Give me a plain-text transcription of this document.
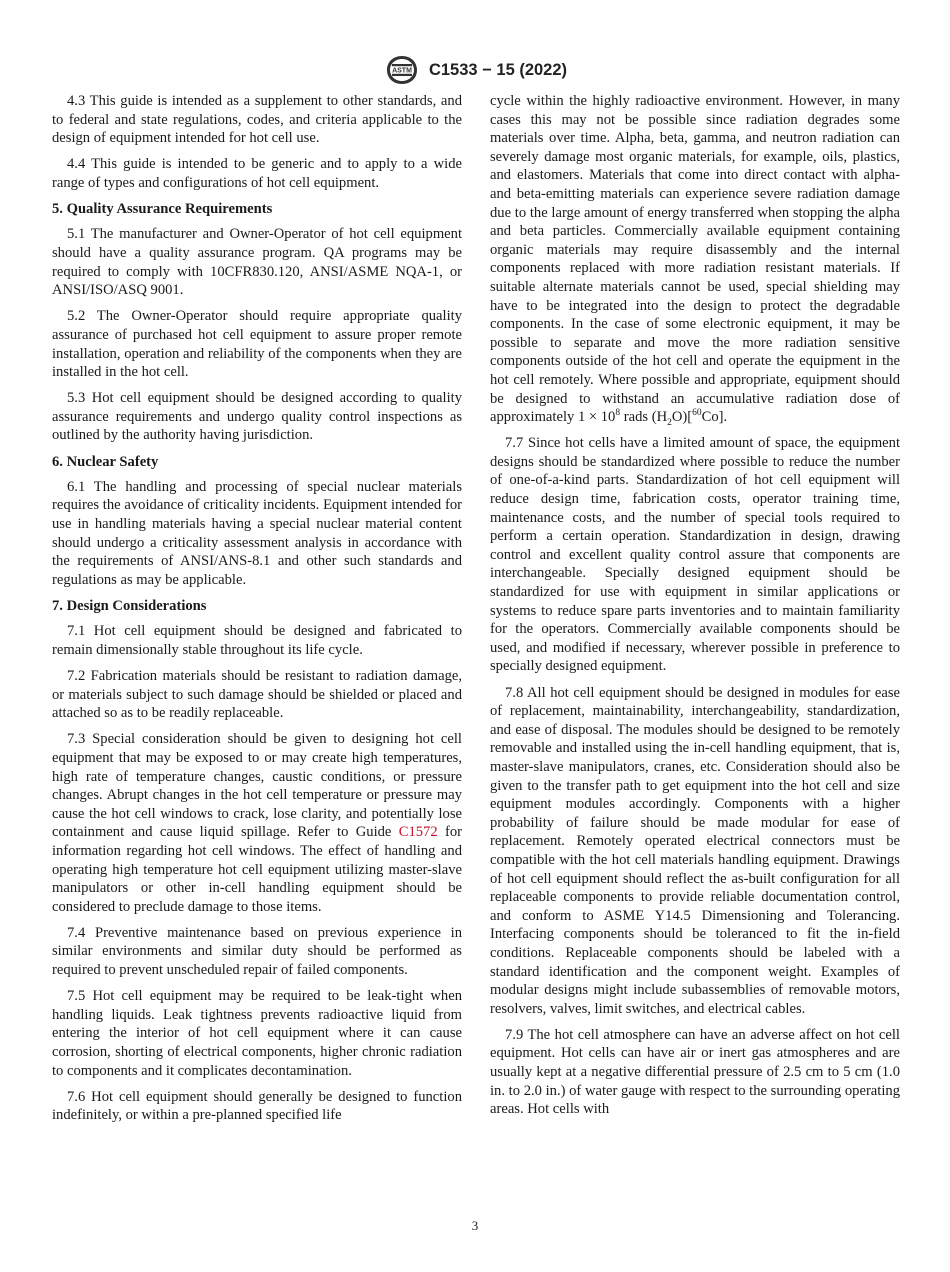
ASTM C1533 − 15 (2022)

4.3 This guide is intended as a supplement to other standards, and to federal and state regulations, codes, and criteria applicable to the design of equipment intended for hot cell use.

4.4 This guide is intended to be generic and to apply to a wide range of types and configurations of hot cell equipment.

5. Quality Assurance Requirements

5.1 The manufacturer and Owner-Operator of hot cell equipment should have a quality assurance program. QA programs may be required to comply with 10CFR830.120, ANSI/ASME NQA-1, or ANSI/ISO/ASQ 9001.

5.2 The Owner-Operator should require appropriate quality assurance of purchased hot cell equipment to assure proper remote installation, operation and reliability of the components when they are installed in the hot cell.

5.3 Hot cell equipment should be designed according to quality assurance requirements and undergo quality control inspections as outlined by the authority having jurisdiction.

6. Nuclear Safety

6.1 The handling and processing of special nuclear materials requires the avoidance of criticality incidents. Equipment intended for use in handling materials having a special nuclear material content should undergo a criticality assessment analysis in accordance with the requirements of ANSI/ANS-8.1 and other such standards and regulations as may be applicable.

7. Design Considerations

7.1 Hot cell equipment should be designed and fabricated to remain dimensionally stable throughout its life cycle.

7.2 Fabrication materials should be resistant to radiation damage, or materials subject to such damage should be shielded or placed and attached so as to be readily replaceable.

7.3 Special consideration should be given to designing hot cell equipment that may be exposed to or may create high temperatures, high rate of temperature changes, caustic conditions, or pressure changes. Abrupt changes in the hot cell temperature or pressure may cause the hot cell windows to crack, lose clarity, and potentially lose containment and cause liquid spillage. Refer to Guide C1572 for information regarding hot cell windows. The effect of handling and operating high temperature hot cell equipment utilizing master-slave manipulators or other in-cell handling equipment should be considered to preclude damage to those items.

7.4 Preventive maintenance based on previous experience in similar environments and similar duty should be performed as required to prevent unscheduled repair of failed components.

7.5 Hot cell equipment may be required to be leak-tight when handling liquids. Leak tightness prevents radioactive liquid from entering the interior of hot cell equipment where it can cause corrosion, shorting of electrical components, higher chronic radiation to components and it complicates decontamination.

7.6 Hot cell equipment should generally be designed to function indefinitely, or within a pre-planned specified life

cycle within the highly radioactive environment. However, in many cases this may not be possible since radiation degrades some materials over time. Alpha, beta, gamma, and neutron radiation can severely damage most organic materials, for example, oils, plastics, and elastomers. Materials that come into direct contact with alpha- and beta-emitting materials can experience severe radiation damage due to the large amount of energy transferred when stopping the alpha and beta particles. Commercially available equipment containing organic materials may require disassembly and the internal components replaced with more radiation resistant materials. If suitable alternate materials cannot be used, special shielding may have to be integrated into the design to protect the degradable components. In the case of some electronic equipment, it may be possible to separate and move the more radiation sensitive components outside of the hot cell and operate the equipment in the hot cell remotely. Where possible and appropriate, equipment should be designed to withstand an accumulative radiation dose of approximately $1 \times 10^8$ rads $(H_2O)[^{60}Co]$.

7.7 Since hot cells have a limited amount of space, the equipment designs should be standardized where possible to reduce the number of one-of-a-kind parts. Standardization of hot cell equipment will reduce design time, fabrication costs, operator training time, maintenance costs, and the number of special tools required to perform a certain operation. Standardization in design, drawing control and excellent quality control assure that components are interchangeable. Specially designed equipment should be standardized for use with equipment in similar applications or systems to reduce spare parts inventories and to maintain familiarity for the operators. Commercially available components should be used, and modified if necessary, wherever possible in preference to specially designed equipment.

7.8 All hot cell equipment should be designed in modules for ease of replacement, maintainability, interchangeability, standardization, and ease of disposal. The modules should be designed to be remotely removable and installed using the in-cell handling equipment, that is, master-slave manipulators, cranes, etc. Consideration should also be given to the transfer path to get equipment into the hot cell and size equipment modules accordingly. Components with a higher probability of failure should be made modular for ease of replacement. Remotely operated electrical connectors must be compatible with the hot cell materials handling equipment. Drawings of hot cell equipment should reflect the as-built configuration for all replaceable components to provide reliable documentation control, and conform to ASME Y14.5 Dimensioning and Tolerancing. Interfacing components should be toleranced to fit the in-field conditions. Replaceable components should be labeled with a standard identification and the component weight. Examples of modular designs might include subassemblies of removable motors, resolvers, valves, limit switches, and electrical cables.

7.9 The hot cell atmosphere can have an adverse affect on hot cell equipment. Hot cells can have air or inert gas atmospheres and are usually kept at a negative differential pressure of 2.5 cm to 5 cm (1.0 in. to 2.0 in.) of water gauge with respect to the surrounding operating areas. Hot cells with

3
